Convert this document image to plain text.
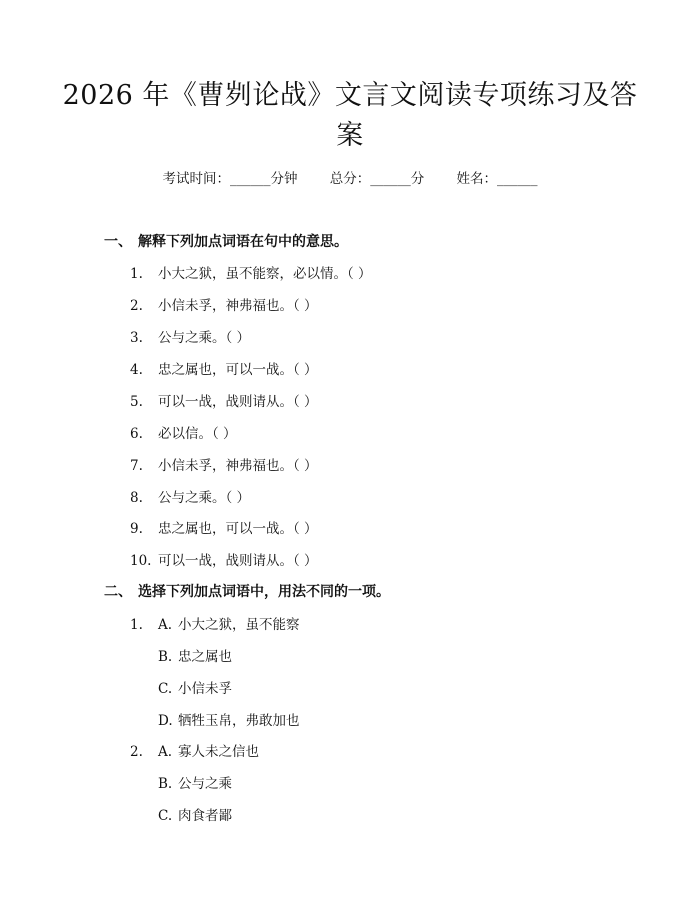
2026 年《曹刿论战》文言文阅读专项练习及答案
考试时间：______分钟 总分：______分 姓名：______
一、 解释下列加点词语在句中的意思。
1. 小大之狱，虽不能察，必以情。（ ）
2. 小信未孚，神弗福也。（ ）
3. 公与之乘。（ ）
4. 忠之属也，可以一战。（ ）
5. 可以一战，战则请从。（ ）
6. 必以信。（ ）
7. 小信未孚，神弗福也。（ ）
8. 公与之乘。（ ）
9. 忠之属也，可以一战。（ ）
10. 可以一战，战则请从。（ ）
二、 选择下列加点词语中，用法不同的一项。
1. A. 小大之狱，虽不能察
B. 忠之属也
C. 小信未孚
D. 牺牲玉帛，弗敢加也
2. A. 寡人未之信也
B. 公与之乘
C. 肉食者鄙
